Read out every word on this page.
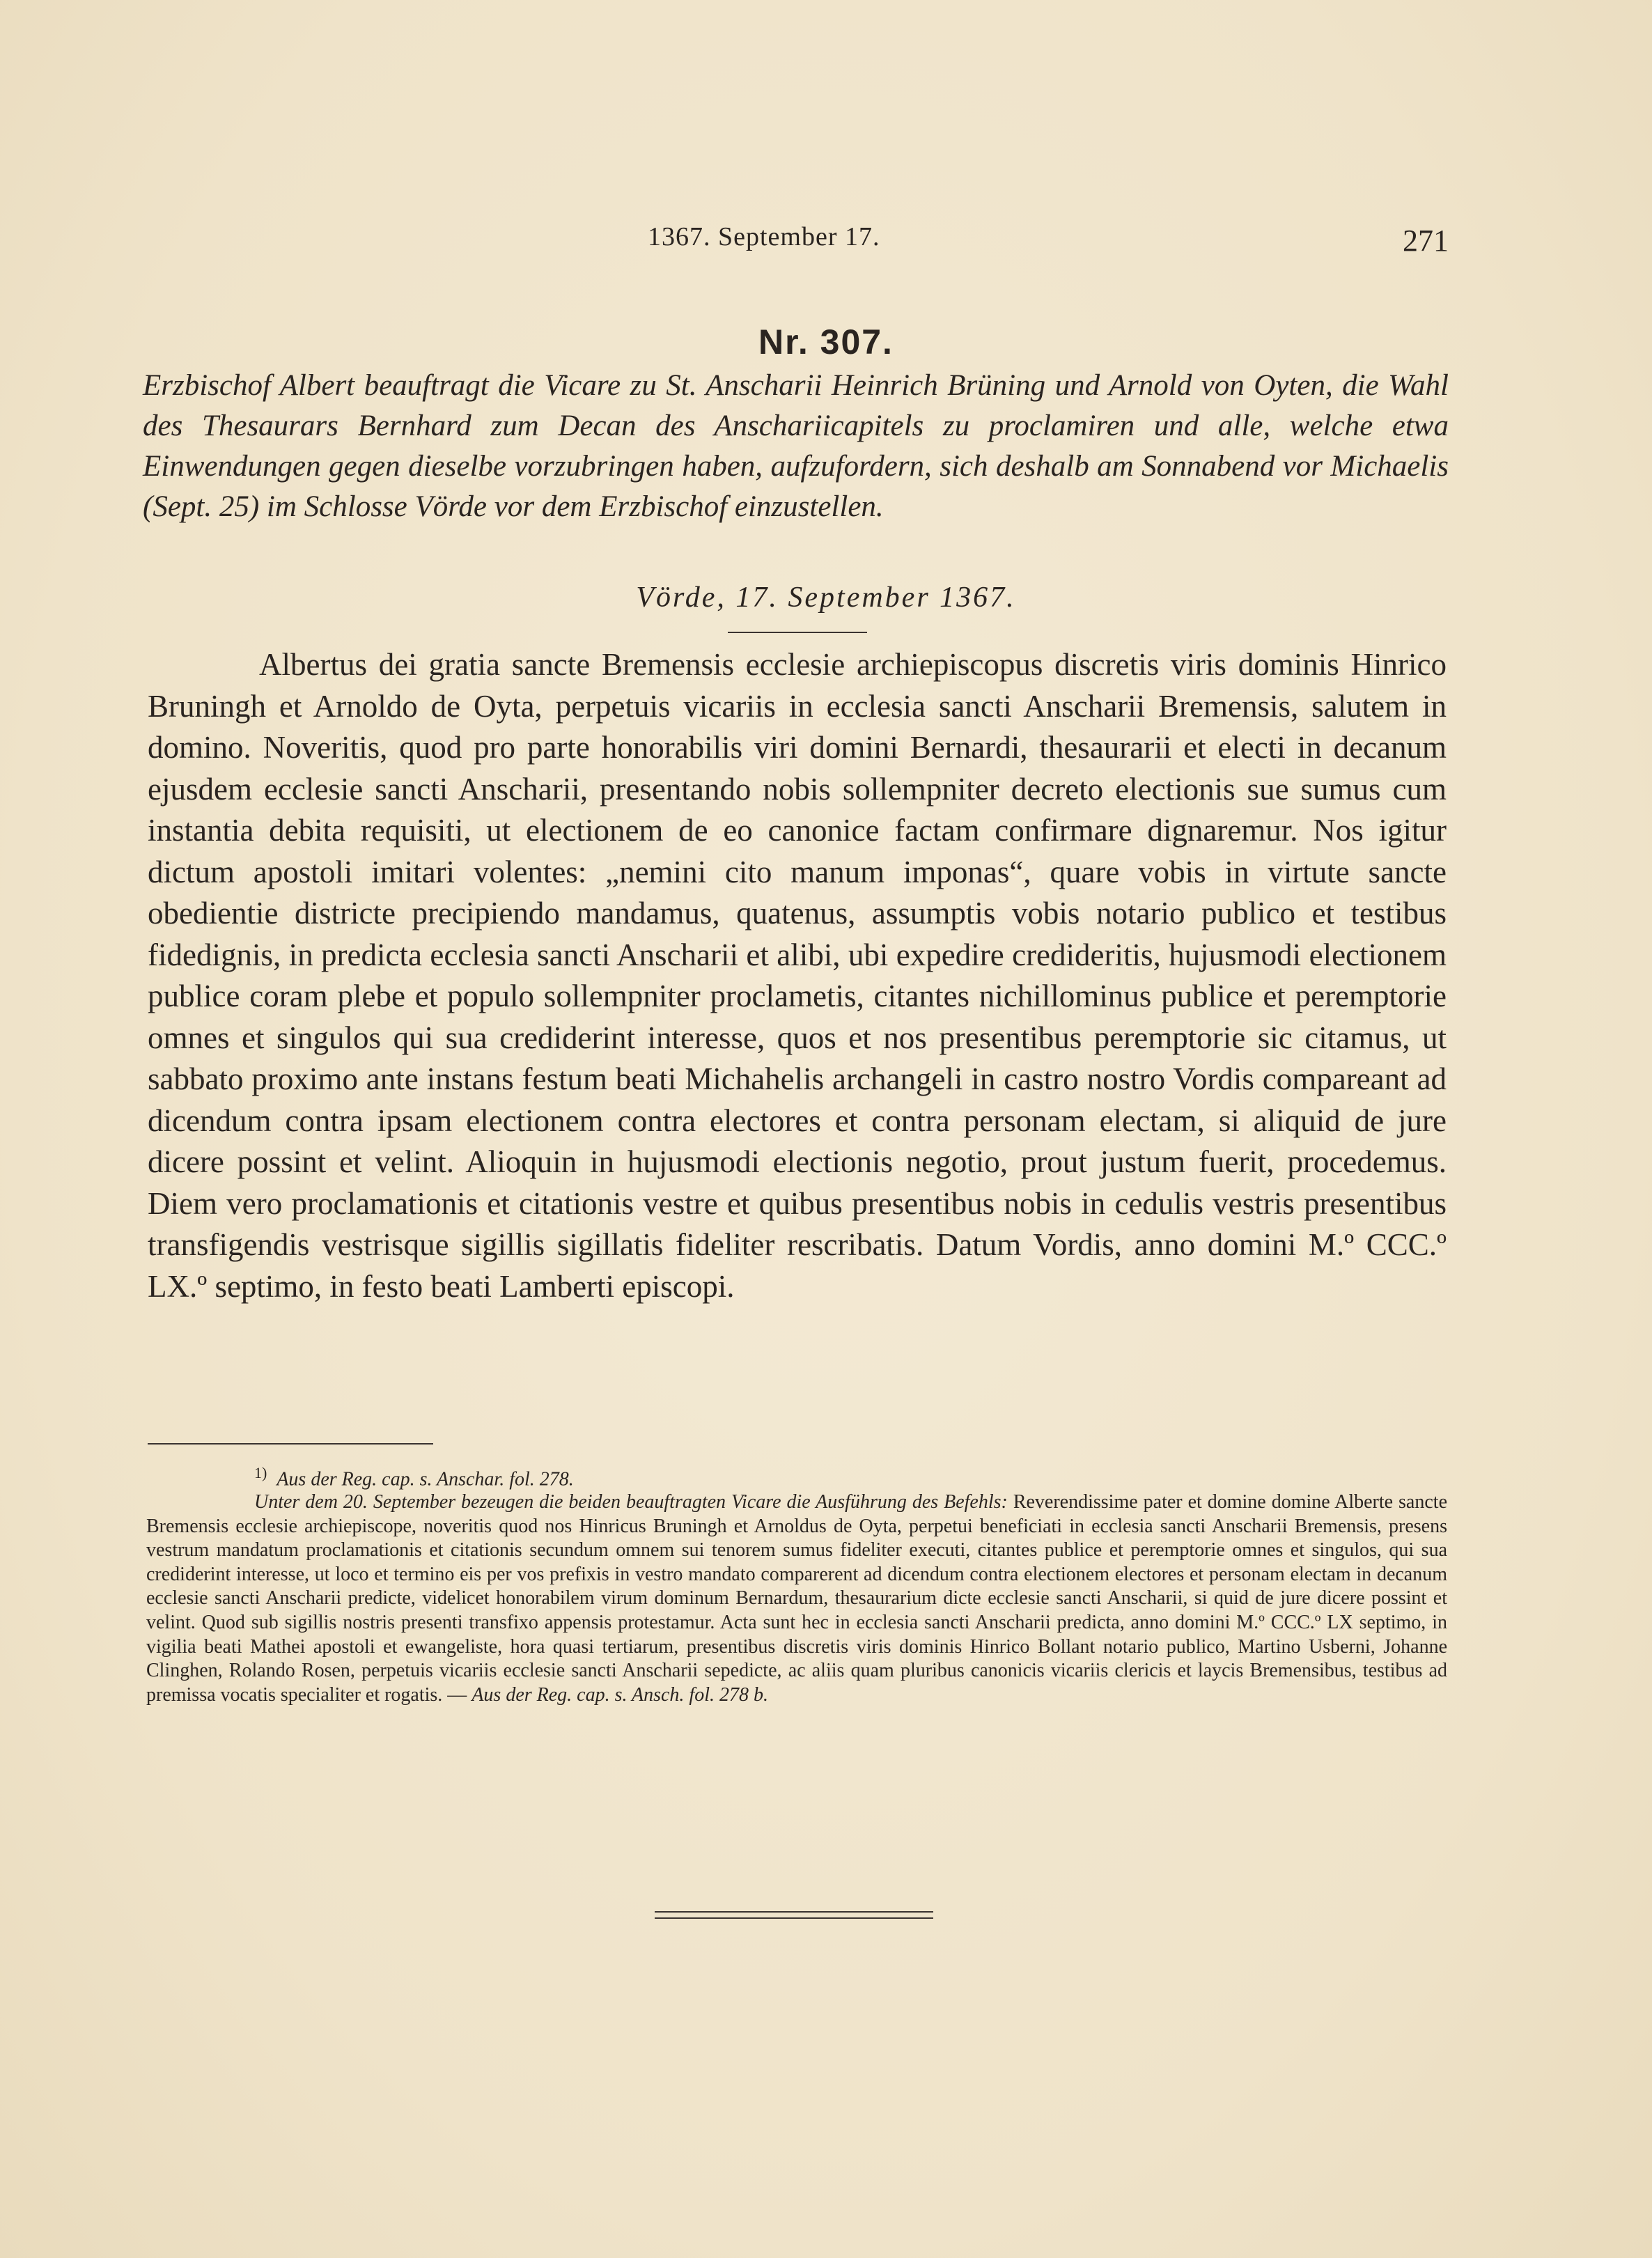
1367. September 17.	271
Nr. 307.
Erzbischof Albert beauftragt die Vicare zu St. Anscharii Heinrich Brüning und Arnold von Oyten, die Wahl des Thesaurars Bernhard zum Decan des Anschariicapitels zu proclamiren und alle, welche etwa Einwendungen gegen dieselbe vorzubringen haben, aufzufordern, sich deshalb am Sonnabend vor Michaelis (Sept. 25) im Schlosse Vörde vor dem Erzbischof einzustellen.
Vörde, 17. September 1367.
Albertus dei gratia sancte Bremensis ecclesie archiepiscopus discretis viris dominis Hinrico Bruningh et Arnoldo de Oyta, perpetuis vicariis in ecclesia sancti Anscharii Bremensis, salutem in domino. Noveritis, quod pro parte honorabilis viri domini Bernardi, thesaurarii et electi in decanum ejusdem ecclesie sancti Anscharii, presentando nobis sollempniter decreto electionis sue sumus cum instantia debita requisiti, ut electionem de eo canonice factam confirmare dignaremur. Nos igitur dictum apostoli imitari volentes: „nemini cito manum imponas“, quare vobis in virtute sancte obedientie districte precipiendo mandamus, quatenus, assumptis vobis notario publico et testibus fidedignis, in predicta ecclesia sancti Anscharii et alibi, ubi expedire credideritis, hujusmodi electionem publice coram plebe et populo sollempniter proclametis, citantes nichillominus publice et peremptorie omnes et singulos qui sua crediderint interesse, quos et nos presentibus peremptorie sic citamus, ut sabbato proximo ante instans festum beati Michahelis archangeli in castro nostro Vordis compareant ad dicendum contra ipsam electionem contra electores et contra personam electam, si aliquid de jure dicere possint et velint. Alioquin in hujusmodi electionis negotio, prout justum fuerit, procedemus. Diem vero proclamationis et citationis vestre et quibus presentibus nobis in cedulis vestris presentibus transfigendis vestrisque sigillis sigillatis fideliter rescribatis. Datum Vordis, anno domini M.º CCC.º LX.º septimo, in festo beati Lamberti episcopi.
$^{1)}$ Aus der Reg. cap. s. Anschar. fol. 278.
Unter dem 20. September bezeugen die beiden beauftragten Vicare die Ausführung des Befehls: Reverendissime pater et domine domine Alberte sancte Bremensis ecclesie archiepiscope, noveritis quod nos Hinricus Bruningh et Arnoldus de Oyta, perpetui beneficiati in ecclesia sancti Anscharii Bremensis, presens vestrum mandatum proclamationis et citationis secundum omnem sui tenorem sumus fideliter executi, citantes publice et peremptorie omnes et singulos, qui sua crediderint interesse, ut loco et termino eis per vos prefixis in vestro mandato comparerent ad dicendum contra electionem electores et personam electam in decanum ecclesie sancti Anscharii predicte, videlicet honorabilem virum dominum Bernardum, thesaurarium dicte ecclesie sancti Anscharii, si quid de jure dicere possint et velint. Quod sub sigillis nostris presenti transfixo appensis protestamur. Acta sunt hec in ecclesia sancti Anscharii predicta, anno domini M.º CCC.º LX septimo, in vigilia beati Mathei apostoli et ewangeliste, hora quasi tertiarum, presentibus discretis viris dominis Hinrico Bollant notario publico, Martino Usberni, Johanne Clinghen, Rolando Rosen, perpetuis vicariis ecclesie sancti Anscharii sepedicte, ac aliis quam pluribus canonicis vicariis clericis et laycis Bremensibus, testibus ad premissa vocatis specialiter et rogatis. — Aus der Reg. cap. s. Ansch. fol. 278 b.
